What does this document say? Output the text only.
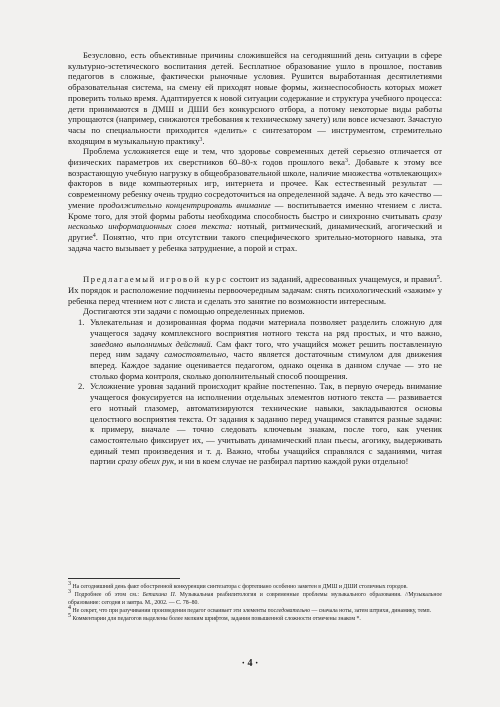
Безусловно, есть объективные причины сложившейся на сегодняшний день ситуации в сфере культурно-эстетического воспитания детей. Бесплатное образование ушло в прошлое, поставив педагогов в сложные, фактически рыночные условия. Рушится выработанная десятилетиями образовательная система, на смену ей приходят новые формы, жизнеспособность которых может проверить только время. Адаптируется к новой ситуации содержание и структура учебного процесса: дети принимаются в ДМШ и ДШИ без конкурсного отбора, а потому некоторые виды работы упрощаются (например, снижаются требования к техническому зачету) или вовсе исчезают. Зачастую часы по специальности приходится «делить» с синтезатором — инструментом, стремительно входящим в музыкальную практику$^3$.

Проблема усложняется еще и тем, что здоровье современных детей серьезно отличается от физических параметров их сверстников 60–80-х годов прошлого века$^3$. Добавьте к этому все возрастающую учебную нагрузку в общеобразовательной школе, наличие множества «отвлекающих» факторов в виде компьютерных игр, интернета и прочее. Как естественный результат — современному ребенку очень трудно сосредоточиться на определенной задаче. А ведь это качество — умение продолжительно концентрировать внимание — воспитывается именно чтением с листа. Кроме того, для этой формы работы необходима способность быстро и синхронно считывать сразу несколько информационных слоев текста: нотный, ритмический, динамический, агогический и другие$^4$. Понятно, что при отсутствии такого специфического зрительно-моторного навыка, эта задача часто вызывает у ребенка затруднение, а порой и страх.

Предлагаемый игровой курс состоит из заданий, адресованных учащемуся, и правил$^5$. Их порядок и расположение подчинены первоочередным задачам: снять психологический «зажим» у ребенка перед чтением нот с листа и сделать это занятие по возможности интересным.

Достигаются эти задачи с помощью определенных приемов.

1. Увлекательная и дозированная форма подачи материала позволяет разделить сложную для учащегося задачу комплексного восприятия нотного текста на ряд простых, и что важно, заведомо выполнимых действий. Сам факт того, что учащийся может решить поставленную перед ним задачу самостоятельно, часто является достаточным стимулом для движения вперед. Каждое задание оценивается педагогом, однако оценка в данном случае — это не столько форма контроля, сколько дополнительный способ поощрения.

2. Усложнение уровня заданий происходит крайне постепенно. Так, в первую очередь внимание учащегося фокусируется на исполнении отдельных элементов нотного текста — развивается его нотный глазомер, автоматизируются технические навыки, закладываются основы целостного восприятия текста. От задания к заданию перед учащимся ставятся разные задачи: к примеру, вначале — точно следовать ключевым знакам, после того, как ученик самостоятельно фиксирует их, — учитывать динамический план пьесы, агогику, выдерживать единый темп произведения и т. д. Важно, чтобы учащийся справлялся с заданиями, читая партии сразу обеих рук, и ни в коем случае не разбирал партию каждой руки отдельно!

$^3$ На сегодняшний день факт обостренной конкуренции синтезатора с фортепиано особенно заметен в ДМШ и ДШИ столичных городов.

$^3$ Подробнее об этом см.: Бетахина П. Музыкальная реабилитология и современные проблемы музыкального образования. //Музыкальное образование: сегодня и завтра. М., 2002. — С. 78–80.

$^4$ Не секрет, что при разучивании произведения педагог осваивает эти элементы последовательно — сначала ноты, затем штрихи, динамику, темп.

$^5$ Комментарии для педагогов выделены более мелким шрифтом, задания повышенной сложности отмечены знаком *.

· 4 ·
